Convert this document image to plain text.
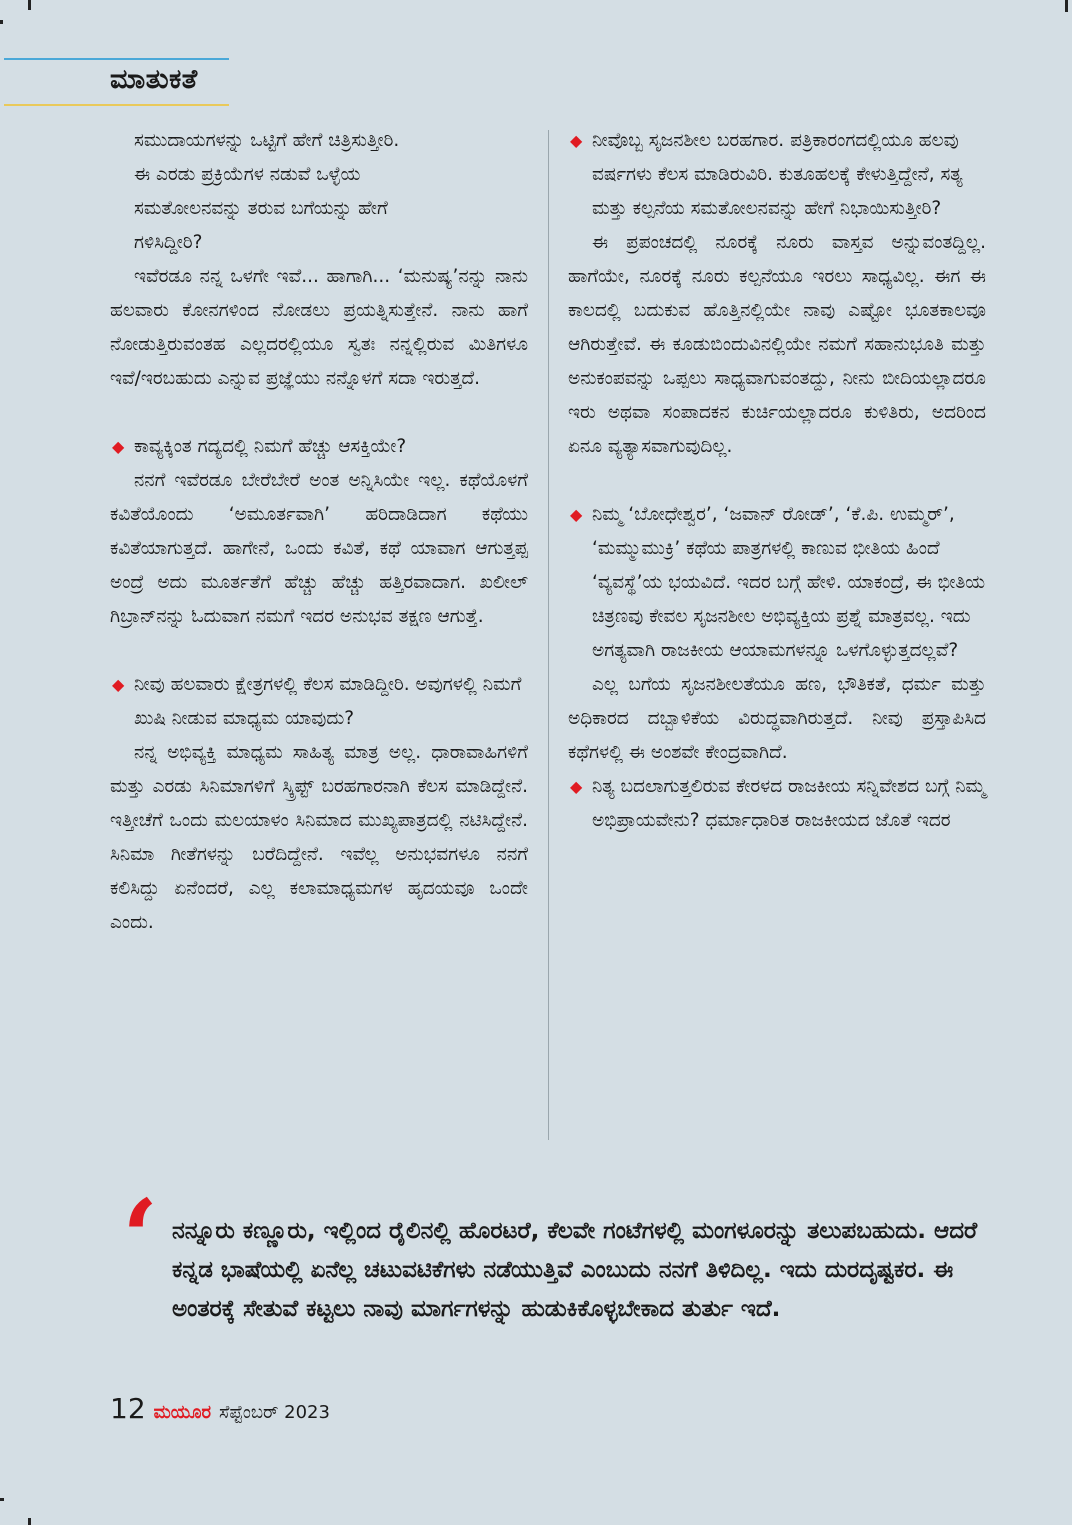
ಮಾತುಕತೆ

ಸಮುದಾಯಗಳನ್ನು ಒಟ್ಟಿಗೆ ಹೇಗೆ ಚಿತ್ರಿಸುತ್ತೀರಿ.

ಈ ಎರಡು ಪ್ರಕ್ರಿಯೆಗಳ ನಡುವೆ ಒಳ್ಳೆಯ

ಸಮತೋಲನವನ್ನು ತರುವ ಬಗೆಯನ್ನು ಹೇಗೆ

ಗಳಿಸಿದ್ದೀರಿ?

ಇವೆರಡೂ ನನ್ನ ಒಳಗೇ ಇವೆ... ಹಾಗಾಗಿ... ‘ಮನುಷ್ಯ’ನನ್ನು ನಾನು ಹಲವಾರು ಕೋನಗಳಿಂದ ನೋಡಲು ಪ್ರಯತ್ನಿಸುತ್ತೇನೆ. ನಾನು ಹಾಗೆ ನೋಡುತ್ತಿರುವಂತಹ ಎಲ್ಲದರಲ್ಲಿಯೂ ಸ್ವತಃ ನನ್ನಲ್ಲಿರುವ ಮಿತಿಗಳೂ ಇವೆ/ಇರಬಹುದು ಎನ್ನುವ ಪ್ರಜ್ಞೆಯು ನನ್ನೊಳಗೆ ಸದಾ ಇರುತ್ತದೆ.

◆ ಕಾವ್ಯಕ್ಕಿಂತ ಗದ್ಯದಲ್ಲಿ ನಿಮಗೆ ಹೆಚ್ಚು ಆಸಕ್ತಿಯೇ?

ನನಗೆ ಇವೆರಡೂ ಬೇರೆಬೇರೆ ಅಂತ ಅನ್ನಿಸಿಯೇ ಇಲ್ಲ. ಕಥೆಯೊಳಗೆ ಕವಿತೆಯೊಂದು ‘ಅಮೂರ್ತವಾಗಿ’ ಹರಿದಾಡಿದಾಗ ಕಥೆಯು ಕವಿತೆಯಾಗುತ್ತದೆ. ಹಾಗೇನೆ, ಒಂದು ಕವಿತೆ, ಕಥೆ ಯಾವಾಗ ಆಗುತ್ತಪ್ಪ ಅಂದ್ರೆ ಅದು ಮೂರ್ತತೆಗೆ ಹೆಚ್ಚು ಹೆಚ್ಚು ಹತ್ತಿರವಾದಾಗ. ಖಲೀಲ್ ಗಿಬ್ರಾನ್‌ನನ್ನು ಓದುವಾಗ ನಮಗೆ ಇದರ ಅನುಭವ ತಕ್ಷಣ ಆಗುತ್ತೆ.

◆ ನೀವು ಹಲವಾರು ಕ್ಷೇತ್ರಗಳಲ್ಲಿ ಕೆಲಸ ಮಾಡಿದ್ದೀರಿ. ಅವುಗಳಲ್ಲಿ ನಿಮಗೆ ಖುಷಿ ನೀಡುವ ಮಾಧ್ಯಮ ಯಾವುದು?

ನನ್ನ ಅಭಿವ್ಯಕ್ತಿ ಮಾಧ್ಯಮ ಸಾಹಿತ್ಯ ಮಾತ್ರ ಅಲ್ಲ. ಧಾರಾವಾಹಿಗಳಿಗೆ ಮತ್ತು ಎರಡು ಸಿನಿಮಾಗಳಿಗೆ ಸ್ಕ್ರಿಪ್ಟ್ ಬರಹಗಾರನಾಗಿ ಕೆಲಸ ಮಾಡಿದ್ದೇನೆ. ಇತ್ತೀಚೆಗೆ ಒಂದು ಮಲಯಾಳಂ ಸಿನಿಮಾದ ಮುಖ್ಯಪಾತ್ರದಲ್ಲಿ ನಟಿಸಿದ್ದೇನೆ. ಸಿನಿಮಾ ಗೀತೆಗಳನ್ನು ಬರೆದಿದ್ದೇನೆ. ಇವೆಲ್ಲ ಅನುಭವಗಳೂ ನನಗೆ ಕಲಿಸಿದ್ದು ಏನೆಂದರೆ, ಎಲ್ಲ ಕಲಾಮಾಧ್ಯಮಗಳ ಹೃದಯವೂ ಒಂದೇ ಎಂದು.

◆ ನೀವೊಬ್ಬ ಸೃಜನಶೀಲ ಬರಹಗಾರ. ಪತ್ರಿಕಾರಂಗದಲ್ಲಿಯೂ ಹಲವು ವರ್ಷಗಳು ಕೆಲಸ ಮಾಡಿರುವಿರಿ. ಕುತೂಹಲಕ್ಕೆ ಕೇಳುತ್ತಿದ್ದೇನೆ, ಸತ್ಯ ಮತ್ತು ಕಲ್ಪನೆಯ ಸಮತೋಲನವನ್ನು ಹೇಗೆ ನಿಭಾಯಿಸುತ್ತೀರಿ?

ಈ ಪ್ರಪಂಚದಲ್ಲಿ ನೂರಕ್ಕೆ ನೂರು ವಾಸ್ತವ ಅನ್ನುವಂತದ್ದಿಲ್ಲ. ಹಾಗೆಯೇ, ನೂರಕ್ಕೆ ನೂರು ಕಲ್ಪನೆಯೂ ಇರಲು ಸಾಧ್ಯವಿಲ್ಲ. ಈಗ ಈ ಕಾಲದಲ್ಲಿ ಬದುಕುವ ಹೊತ್ತಿನಲ್ಲಿಯೇ ನಾವು ಎಷ್ಟೋ ಭೂತಕಾಲವೂ ಆಗಿರುತ್ತೇವೆ. ಈ ಕೂಡುಬಿಂದುವಿನಲ್ಲಿಯೇ ನಮಗೆ ಸಹಾನುಭೂತಿ ಮತ್ತು ಅನುಕಂಪವನ್ನು ಒಪ್ಪಲು ಸಾಧ್ಯವಾಗುವಂತದ್ದು, ನೀನು ಬೀದಿಯಲ್ಲಾದರೂ ಇರು ಅಥವಾ ಸಂಪಾದಕನ ಕುರ್ಚಿಯಲ್ಲಾದರೂ ಕುಳಿತಿರು, ಅದರಿಂದ ಏನೂ ವ್ಯತ್ಯಾಸವಾಗುವುದಿಲ್ಲ.

◆ ನಿಮ್ಮ ‘ಬೋಧೇಶ್ವರ’, ‘ಜವಾನ್ ರೋಡ್’, ‘ಕೆ.ಪಿ. ಉಮ್ಮರ್’, ‘ಮಮ್ಮುಮುಕ್ರಿ’ ಕಥೆಯ ಪಾತ್ರಗಳಲ್ಲಿ ಕಾಣುವ ಭೀತಿಯ ಹಿಂದೆ ‘ವ್ಯವಸ್ಥೆ’ಯ ಭಯವಿದೆ. ಇದರ ಬಗ್ಗೆ ಹೇಳಿ. ಯಾಕಂದ್ರೆ, ಈ ಭೀತಿಯ ಚಿತ್ರಣವು ಕೇವಲ ಸೃಜನಶೀಲ ಅಭಿವ್ಯಕ್ತಿಯ ಪ್ರಶ್ನೆ ಮಾತ್ರವಲ್ಲ. ಇದು ಅಗತ್ಯವಾಗಿ ರಾಜಕೀಯ ಆಯಾಮಗಳನ್ನೂ ಒಳಗೊಳ್ಳುತ್ತದಲ್ಲವೆ?

ಎಲ್ಲ ಬಗೆಯ ಸೃಜನಶೀಲತೆಯೂ ಹಣ, ಭೌತಿಕತೆ, ಧರ್ಮ ಮತ್ತು ಅಧಿಕಾರದ ದಬ್ಬಾಳಿಕೆಯ ವಿರುದ್ಧವಾಗಿರುತ್ತದೆ. ನೀವು ಪ್ರಸ್ತಾಪಿಸಿದ ಕಥೆಗಳಲ್ಲಿ ಈ ಅಂಶವೇ ಕೇಂದ್ರವಾಗಿದೆ.

◆ ನಿತ್ಯ ಬದಲಾಗುತ್ತಲಿರುವ ಕೇರಳದ ರಾಜಕೀಯ ಸನ್ನಿವೇಶದ ಬಗ್ಗೆ ನಿಮ್ಮ ಅಭಿಪ್ರಾಯವೇನು? ಧರ್ಮಾಧಾರಿತ ರಾಜಕೀಯದ ಜೊತೆ ಇದರ

‘ ನನ್ನೂರು ಕಣ್ಣೂರು, ಇಲ್ಲಿಂದ ರೈಲಿನಲ್ಲಿ ಹೊರಟರೆ, ಕೆಲವೇ ಗಂಟೆಗಳಲ್ಲಿ ಮಂಗಳೂರನ್ನು ತಲುಪಬಹುದು. ಆದರೆ ಕನ್ನಡ ಭಾಷೆಯಲ್ಲಿ ಏನೆಲ್ಲ ಚಟುವಟಿಕೆಗಳು ನಡೆಯುತ್ತಿವೆ ಎಂಬುದು ನನಗೆ ತಿಳಿದಿಲ್ಲ. ಇದು ದುರದೃಷ್ಟಕರ. ಈ ಅಂತರಕ್ಕೆ ಸೇತುವೆ ಕಟ್ಟಲು ನಾವು ಮಾರ್ಗಗಳನ್ನು ಹುಡುಕಿಕೊಳ್ಳಬೇಕಾದ ತುರ್ತು ಇದೆ.

12 ಮಯೂರ ಸೆಪ್ಟೆಂಬರ್ 2023
